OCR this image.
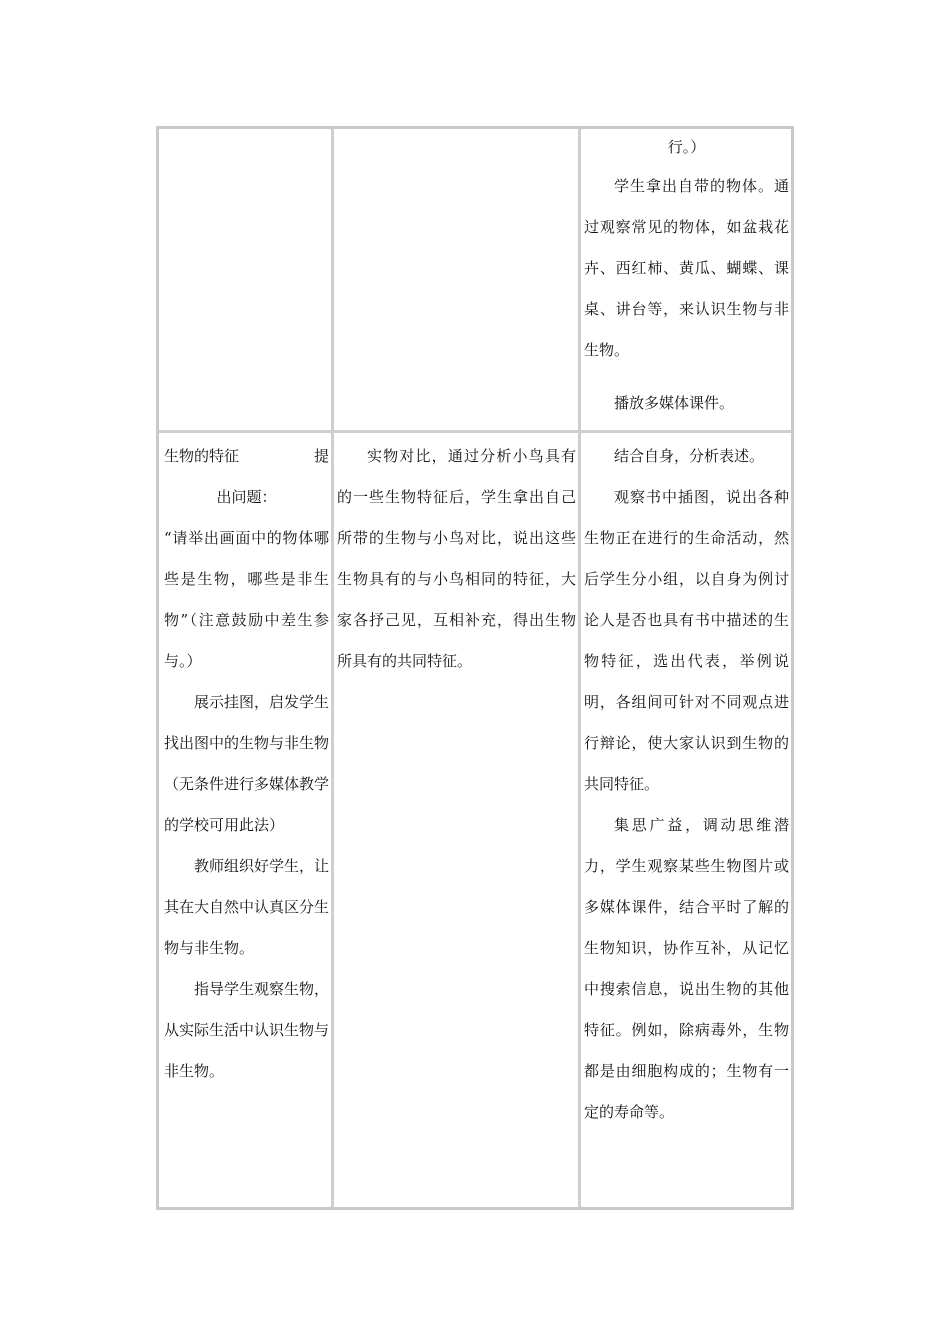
行。）

学生拿出自带的物体。通过观察常见的物体，如盆栽花卉、西红柿、黄瓜、蝴蝶、课桌、讲台等，来认识生物与非生物。

播放多媒体课件。

生物的特征	提

出问题：

“请举出画面中的物体哪些是生物，哪些是非生物”（注意鼓励中差生参与。）

展示挂图，启发学生找出图中的生物与非生物（无条件进行多媒体教学的学校可用此法）

教师组织好学生，让其在大自然中认真区分生物与非生物。

指导学生观察生物，从实际生活中认识生物与非生物。

实物对比，通过分析小鸟具有的一些生物特征后，学生拿出自己所带的生物与小鸟对比，说出这些生物具有的与小鸟相同的特征，大家各抒己见，互相补充，得出生物所具有的共同特征。

结合自身，分析表述。

观察书中插图，说出各种生物正在进行的生命活动，然后学生分小组，以自身为例讨论人是否也具有书中描述的生物特征，选出代表，举例说明，各组间可针对不同观点进行辩论，使大家认识到生物的共同特征。

集思广益，调动思维潜力，学生观察某些生物图片或多媒体课件，结合平时了解的生物知识，协作互补，从记忆中搜索信息，说出生物的其他特征。例如，除病毒外，生物都是由细胞构成的；生物有一定的寿命等。
